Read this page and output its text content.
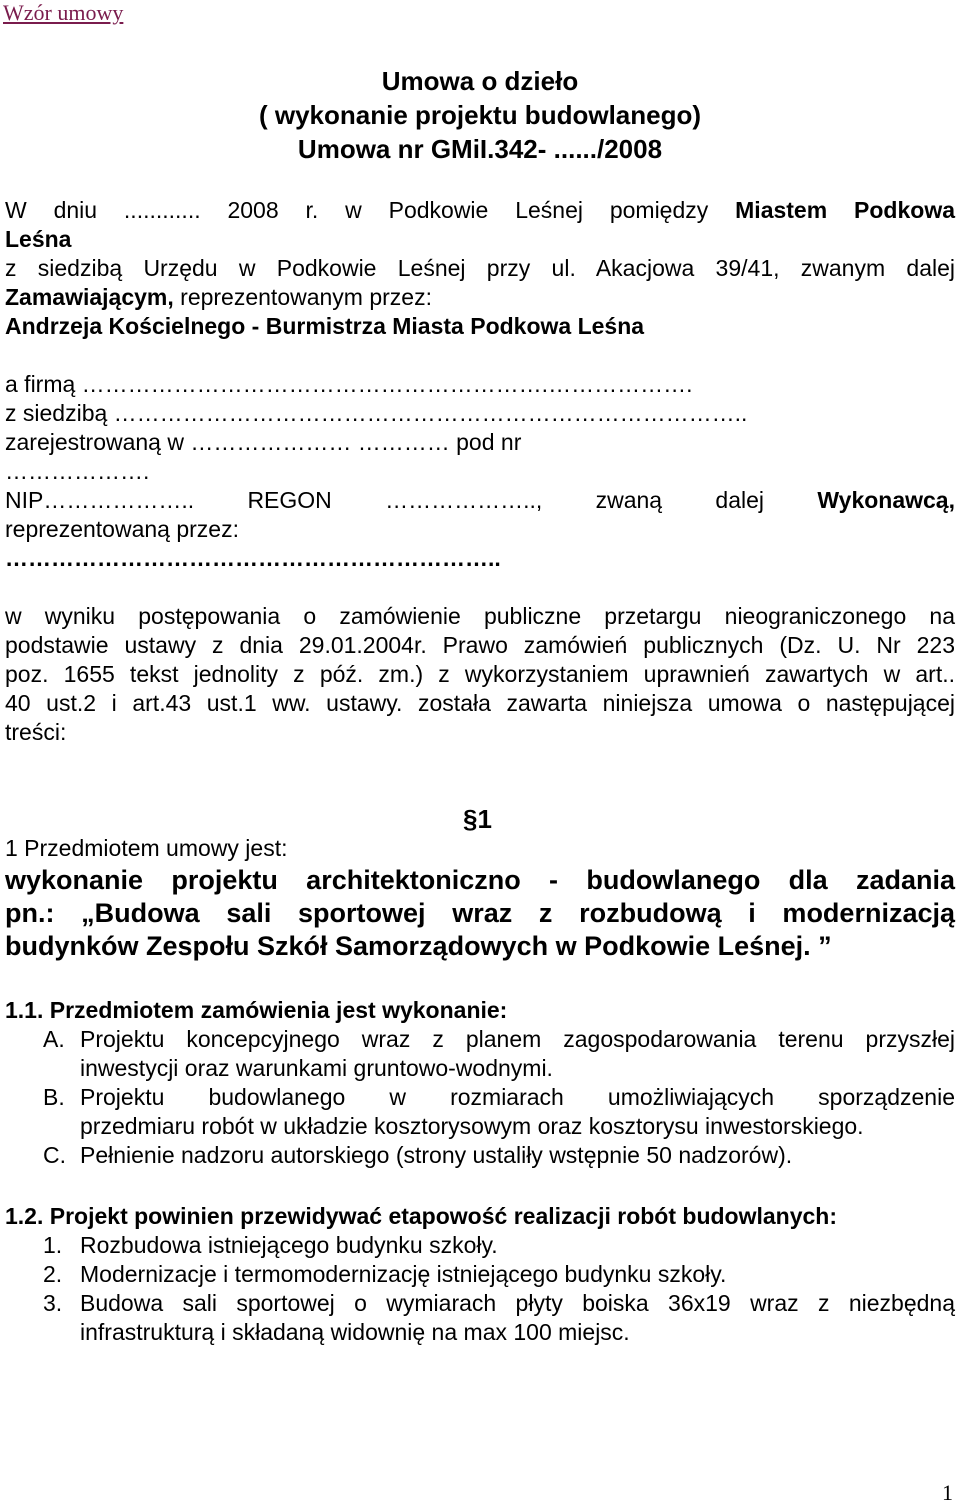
Wzór umowy
Umowa o dzieło
( wykonanie projektu budowlanego)
Umowa nr GMiI.342- ....../2008
W dniu ............ 2008 r. w Podkowie Leśnej pomiędzy Miastem Podkowa
Leśna
z siedzibą Urzędu w Podkowie Leśnej przy ul. Akacjowa 39/41, zwanym dalej
Zamawiającym, reprezentowanym przez:
Andrzeja Kościelnego - Burmistrza Miasta Podkowa Leśna
a firmą …………………………………………………….……………….
z siedzibą ………………………………………………………………………..
zarejestrowaną w ………………… ………… pod nr
……………….
NIP……………….. REGON ……………….., zwaną dalej Wykonawcą,
reprezentowaną przez:
………………………………………………………..
w wyniku postępowania o zamówienie publiczne przetargu nieograniczonego na
podstawie ustawy z dnia 29.01.2004r. Prawo zamówień publicznych (Dz. U. Nr 223
poz. 1655 tekst jednolity z póź. zm.) z wykorzystaniem uprawnień zawartych w art..
40 ust.2 i art.43 ust.1 ww. ustawy. została zawarta niniejsza umowa o następującej
treści:
§1
1 Przedmiotem umowy jest:
wykonanie projektu architektoniczno - budowlanego dla zadania
pn.: „Budowa sali sportowej wraz z rozbudową i modernizacją
budynków Zespołu Szkół Samorządowych w Podkowie Leśnej. ”
1.1. Przedmiotem zamówienia jest wykonanie:
A. Projektu koncepcyjnego wraz z planem zagospodarowania terenu przyszłej
inwestycji oraz warunkami gruntowo-wodnymi.
B. Projektu budowlanego w rozmiarach umożliwiających sporządzenie
przedmiaru robót w układzie kosztorysowym oraz kosztorysu inwestorskiego.
C. Pełnienie nadzoru autorskiego (strony ustaliły wstępnie 50 nadzorów).
1.2. Projekt powinien przewidywać etapowość realizacji robót budowlanych:
1. Rozbudowa istniejącego budynku szkoły.
2. Modernizacje i termomodernizację istniejącego budynku szkoły.
3. Budowa sali sportowej o wymiarach płyty boiska 36x19 wraz z niezbędną
infrastrukturą i składaną widownię na max 100 miejsc.
1
